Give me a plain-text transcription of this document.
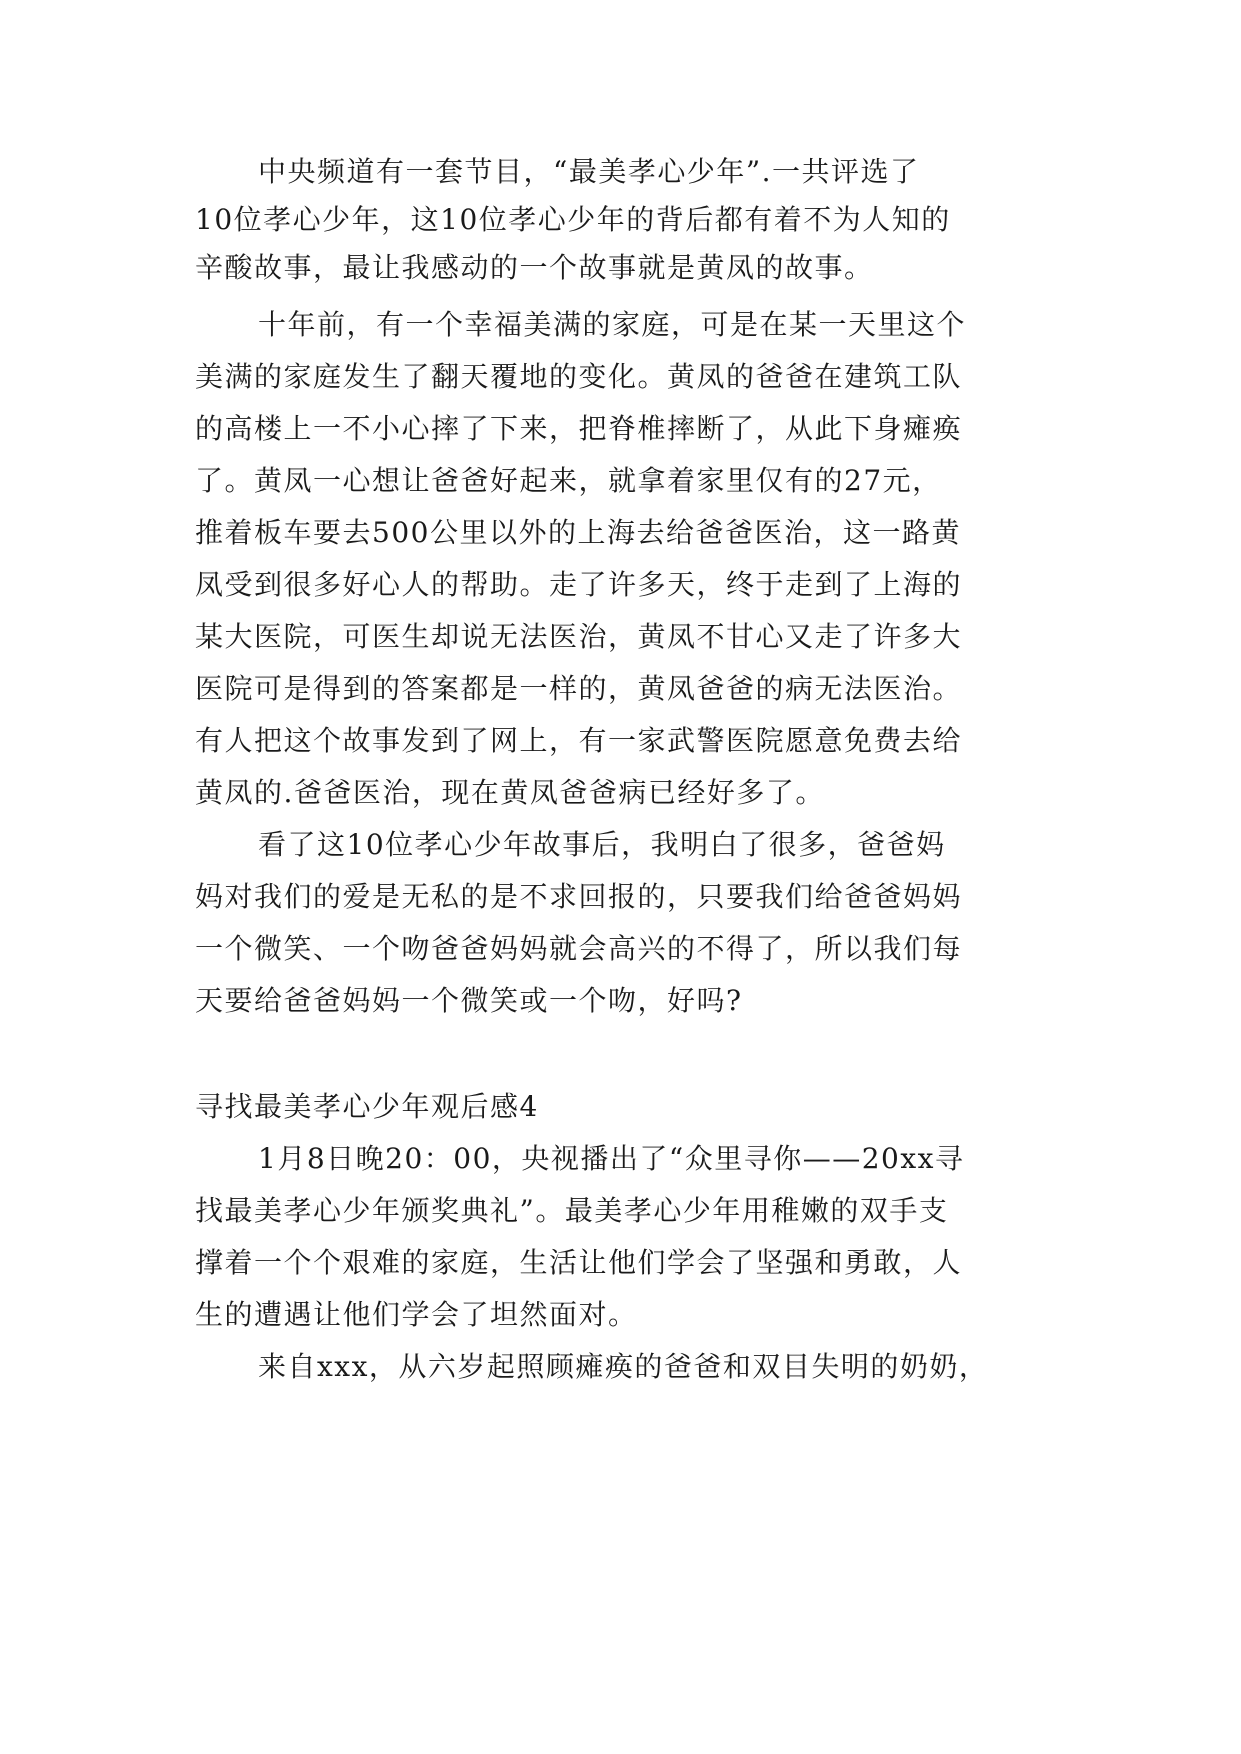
中央频道有一套节目，“最美孝心少年”.一共评选了
10位孝心少年，这10位孝心少年的背后都有着不为人知的
辛酸故事，最让我感动的一个故事就是黄凤的故事。
十年前，有一个幸福美满的家庭，可是在某一天里这个
美满的家庭发生了翻天覆地的变化。黄凤的爸爸在建筑工队
的高楼上一不小心摔了下来，把脊椎摔断了，从此下身瘫痪
了。黄凤一心想让爸爸好起来，就拿着家里仅有的27元，
推着板车要去500公里以外的上海去给爸爸医治，这一路黄
凤受到很多好心人的帮助。走了许多天，终于走到了上海的
某大医院，可医生却说无法医治，黄凤不甘心又走了许多大
医院可是得到的答案都是一样的，黄凤爸爸的病无法医治。
有人把这个故事发到了网上，有一家武警医院愿意免费去给
黄凤的.爸爸医治，现在黄凤爸爸病已经好多了。
看了这10位孝心少年故事后，我明白了很多，爸爸妈
妈对我们的爱是无私的是不求回报的，只要我们给爸爸妈妈
一个微笑、一个吻爸爸妈妈就会高兴的不得了，所以我们每
天要给爸爸妈妈一个微笑或一个吻，好吗?
寻找最美孝心少年观后感4
1月8日晚20：00，央视播出了“众里寻你——20xx寻
找最美孝心少年颁奖典礼”。最美孝心少年用稚嫩的双手支
撑着一个个艰难的家庭，生活让他们学会了坚强和勇敢，人
生的遭遇让他们学会了坦然面对。
来自xxx，从六岁起照顾瘫痪的爸爸和双目失明的奶奶，
